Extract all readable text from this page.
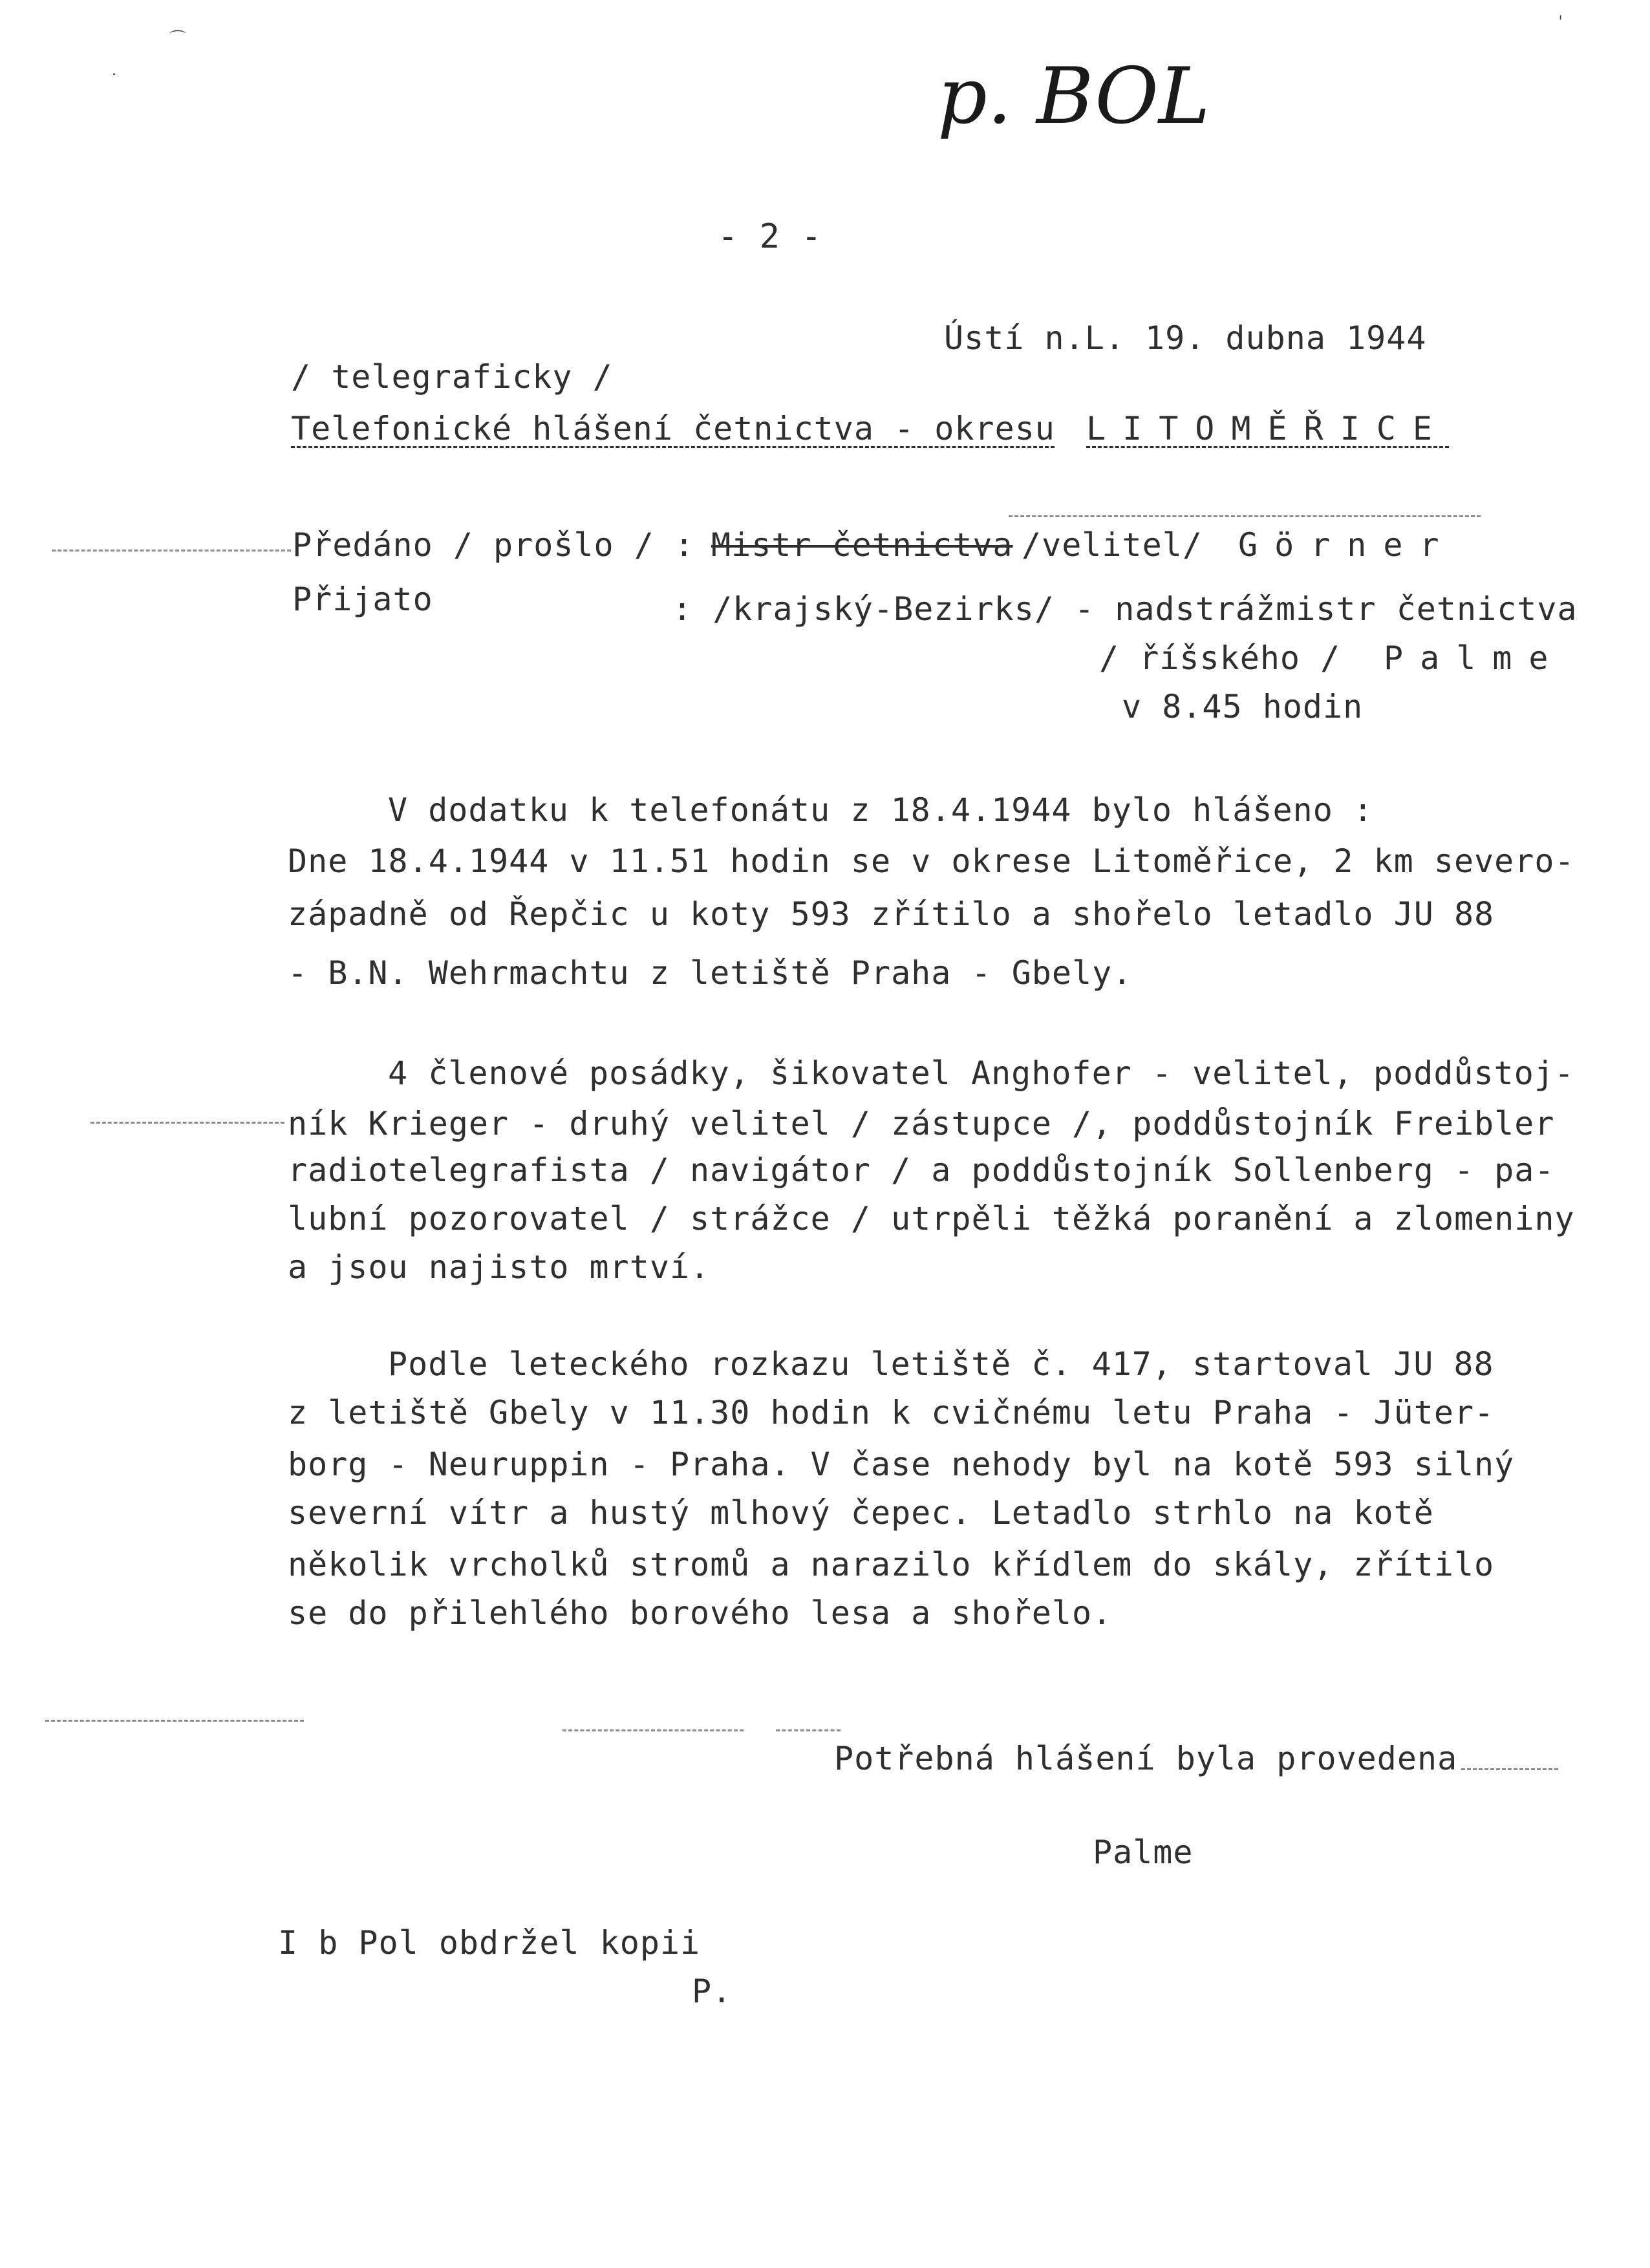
⌒
˙
ˈ
p. BOL
- 2 -
Ústí n.L. 19. dubna 1944
/ telegraficky /
Telefonické hlášení četnictva - okresu LITOMĚŘICE
Předáno / prošlo / : Mistr četnictva /velitel/ Görner
Přijato	: /krajský-Bezirks/ - nadstrážmistr četnictva
/ říšského / Palme
v 8.45 hodin
V dodatku k telefonátu z 18.4.1944 bylo hlášeno :
Dne 18.4.1944 v 11.51 hodin se v okrese Litoměřice, 2 km severo-
západně od Řepčic u koty 593 zřítilo a shořelo letadlo JU 88
- B.N. Wehrmachtu z letiště Praha - Gbely.
4 členové posádky, šikovatel Anghofer - velitel, poddůstoj-
ník Krieger - druhý velitel / zástupce /, poddůstojník Freibler
radiotelegrafista / navigátor / a poddůstojník Sollenberg - pa-
lubní pozorovatel / strážce / utrpěli těžká poranění a zlomeniny
a jsou najisto mrtví.
Podle leteckého rozkazu letiště č. 417, startoval JU 88
z letiště Gbely v 11.30 hodin k cvičnému letu Praha - Jüter-
borg - Neuruppin - Praha. V čase nehody byl na kotě 593 silný
severní vítr a hustý mlhový čepec. Letadlo strhlo na kotě
několik vrcholků stromů a narazilo křídlem do skály, zřítilo
se do přilehlého borového lesa a shořelo.
Potřebná hlášení byla provedena
Palme
I b Pol obdržel kopii
P.
